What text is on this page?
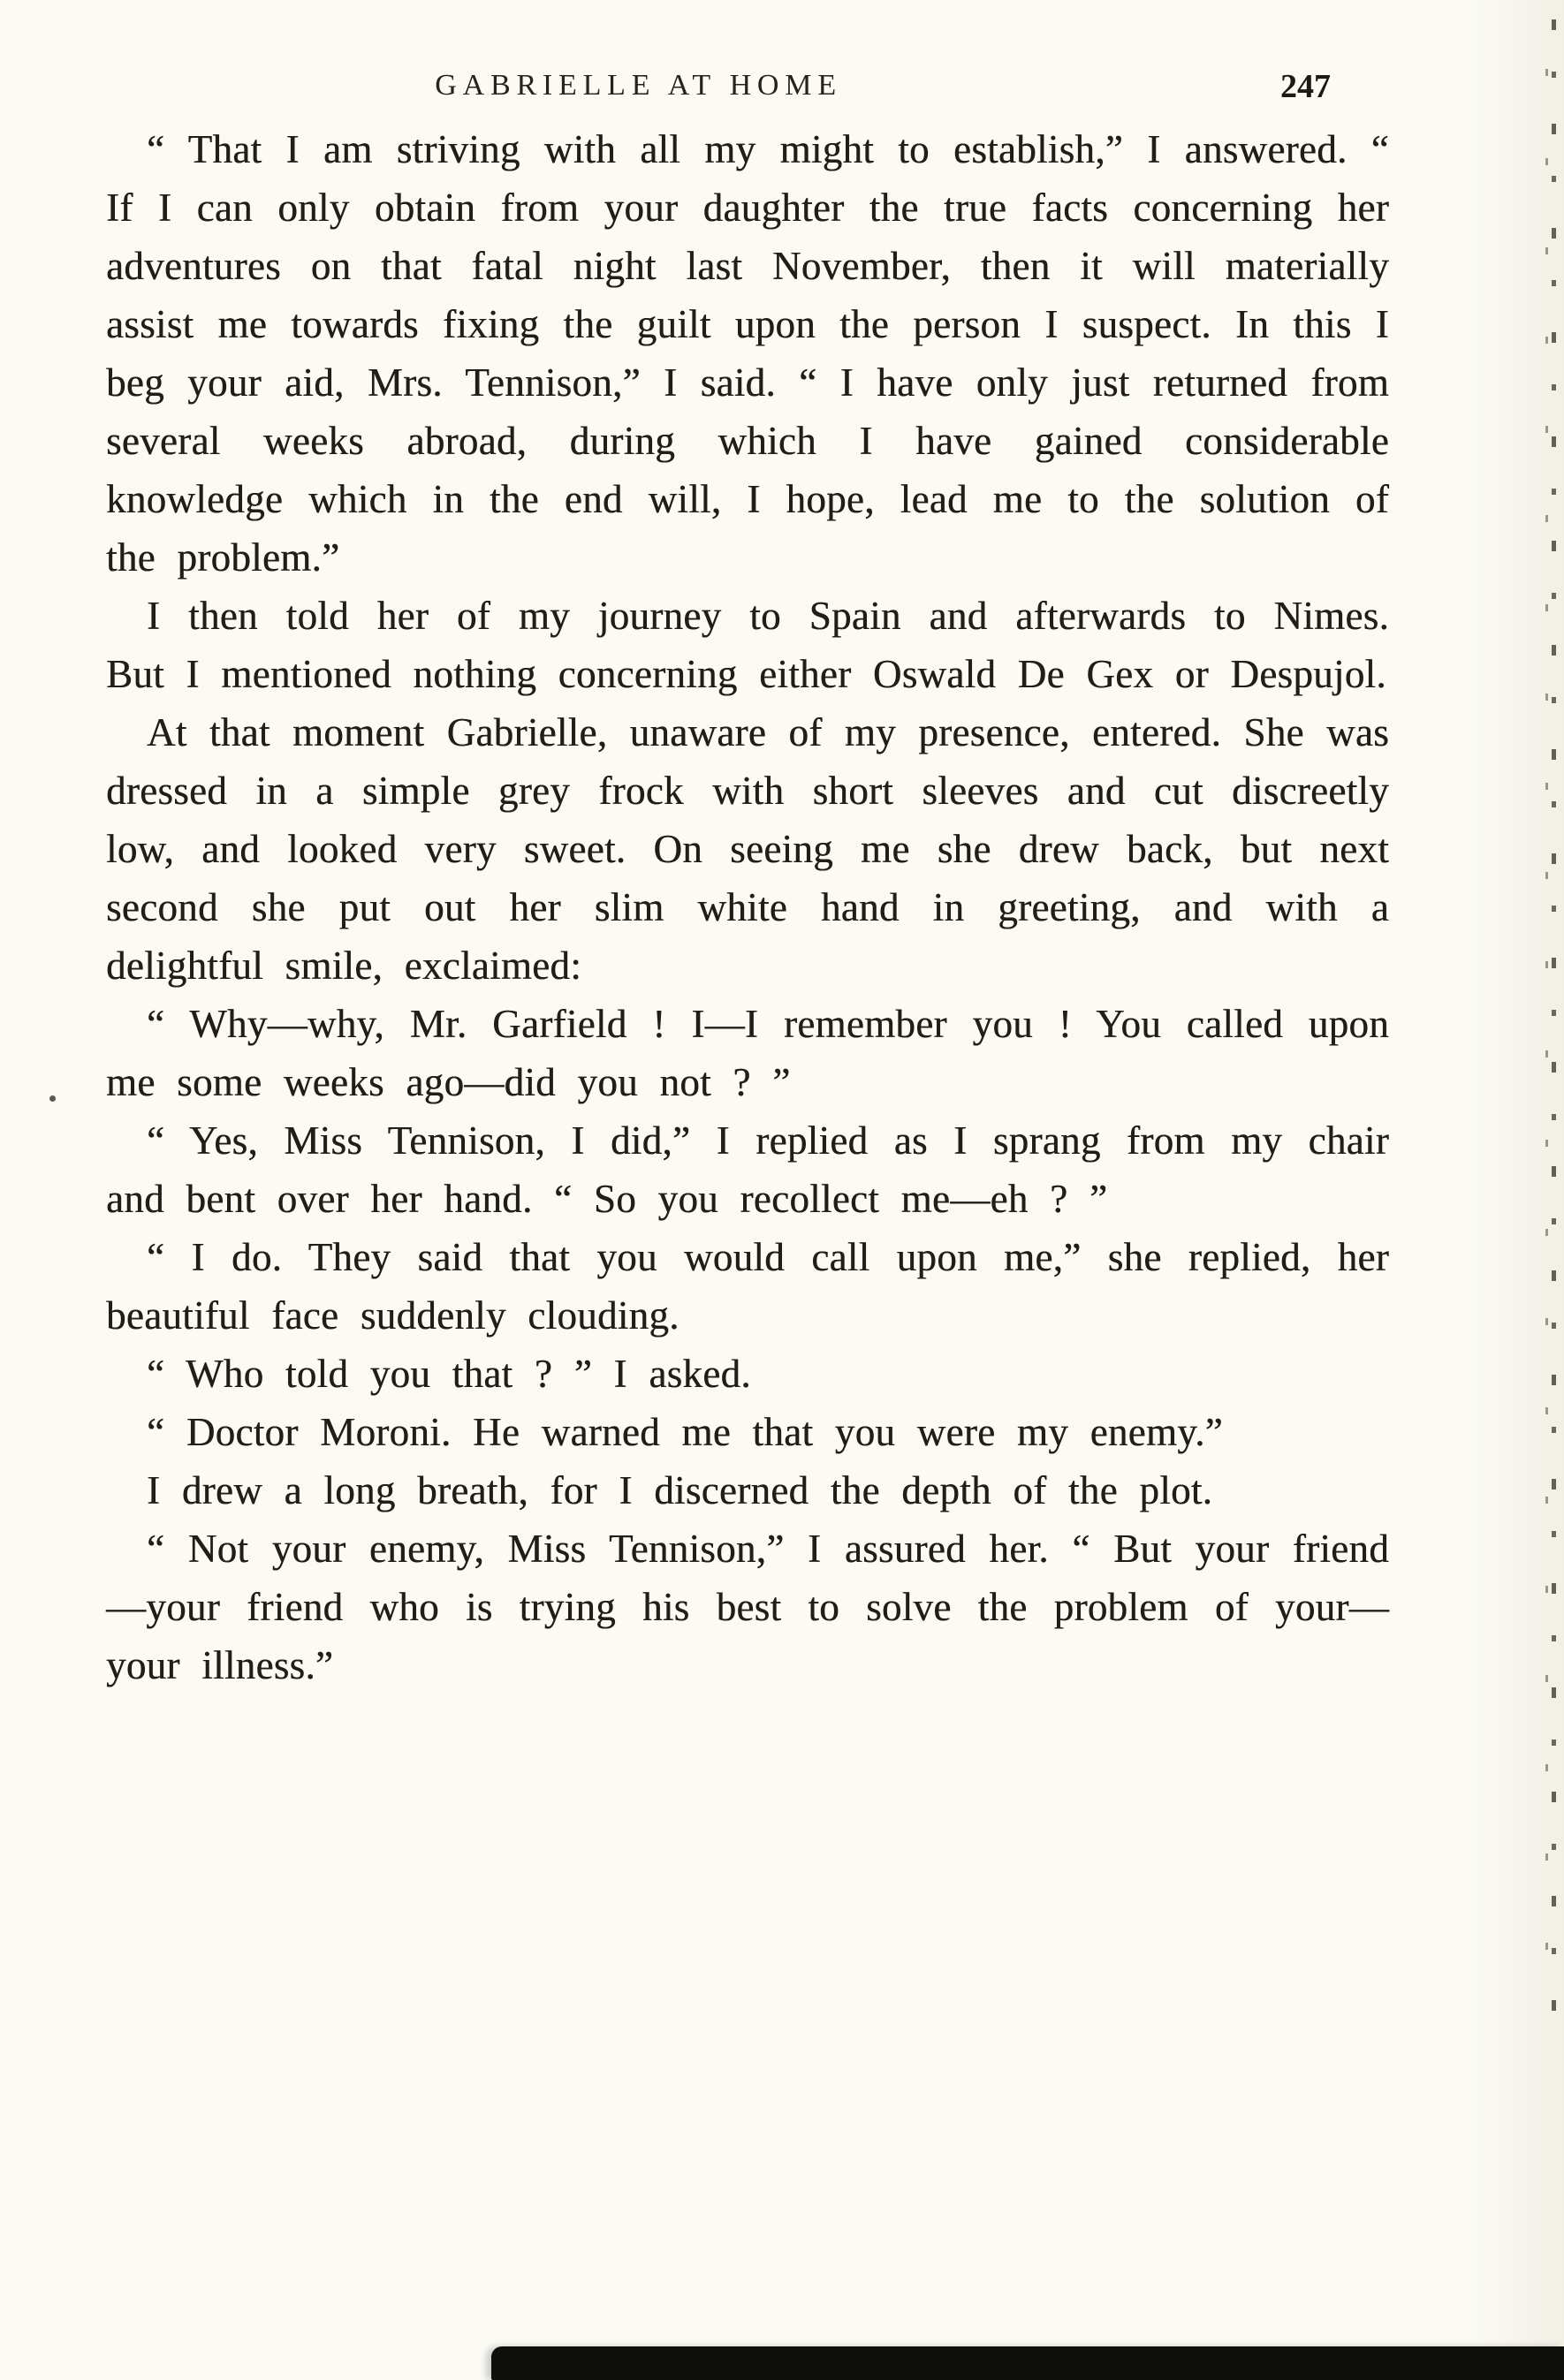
GABRIELLE AT HOME	247

“ That I am striving with all my might to establish,” I answered. “ If I can only obtain from your daughter the true facts concerning her adventures on that fatal night last November, then it will materially assist me towards fixing the guilt upon the person I suspect. In this I beg your aid, Mrs. Tennison,” I said. “ I have only just returned from several weeks abroad, during which I have gained considerable knowledge which in the end will, I hope, lead me to the solution of the problem.”

I then told her of my journey to Spain and afterwards to Nimes. But I mentioned nothing concerning either Oswald De Gex or Despujol.

At that moment Gabrielle, unaware of my presence, entered. She was dressed in a simple grey frock with short sleeves and cut discreetly low, and looked very sweet. On seeing me she drew back, but next second she put out her slim white hand in greeting, and with a delightful smile, exclaimed:

“ Why—why, Mr. Garfield ! I—I remember you ! You called upon me some weeks ago—did you not ? ”

“ Yes, Miss Tennison, I did,” I replied as I sprang from my chair and bent over her hand. “ So you recollect me—eh ? ”

“ I do. They said that you would call upon me,” she replied, her beautiful face suddenly clouding.

“ Who told you that ? ” I asked.

“ Doctor Moroni. He warned me that you were my enemy.”

I drew a long breath, for I discerned the depth of the plot.

“ Not your enemy, Miss Tennison,” I assured her. “ But your friend—your friend who is trying his best to solve the problem of your—your illness.”
